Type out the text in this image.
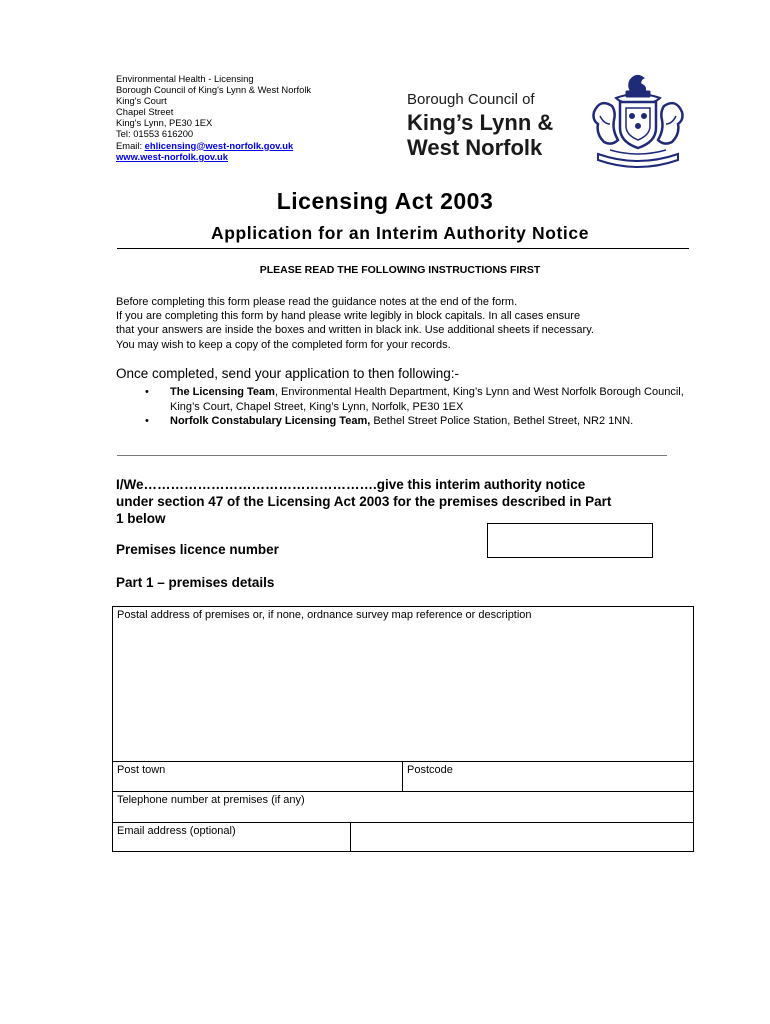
Environmental Health - Licensing
Borough Council of King's Lynn & West Norfolk
King's Court
Chapel Street
King's Lynn, PE30 1EX
Tel: 01553 616200
Email: ehlicensing@west-norfolk.gov.uk
www.west-norfolk.gov.uk
Borough Council of
King’s Lynn &
West Norfolk
Licensing Act 2003
Application for an Interim Authority Notice
PLEASE READ THE FOLLOWING INSTRUCTIONS FIRST
Before completing this form please read the guidance notes at the end of the form.
If you are completing this form by hand please write legibly in block capitals. In all cases ensure
that your answers are inside the boxes and written in black ink. Use additional sheets if necessary.
You may wish to keep a copy of the completed form for your records.
Once completed, send your application to then following:-
• The Licensing Team, Environmental Health Department, King’s Lynn and West Norfolk Borough Council, King’s Court, Chapel Street, King’s Lynn, Norfolk, PE30 1EX
• Norfolk Constabulary Licensing Team, Bethel Street Police Station, Bethel Street, NR2 1NN.
I/We…………………………………………….give this interim authority notice
under section 47 of the Licensing Act 2003 for the premises described in Part
1 below
Premises licence number
Part 1 – premises details
Postal address of premises or, if none, ordnance survey map reference or description
Post town	Postcode
Telephone number at premises (if any)
Email address (optional)
